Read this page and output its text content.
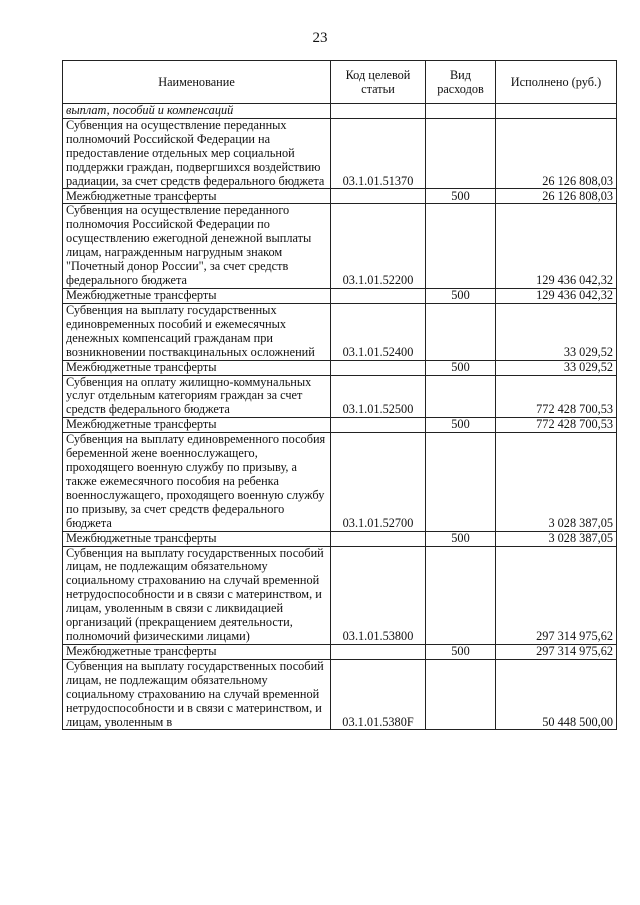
23
Наименование	Код целевой статьи	Вид расходов	Исполнено (руб.)
выплат, пособий и компенсаций			
Субвенция на осуществление переданных полномочий Российской Федерации на предоставление отдельных мер социальной поддержки граждан, подвергшихся воздействию радиации, за счет средств федерального бюджета	03.1.01.51370		26 126 808,03
Межбюджетные трансферты		500	26 126 808,03
Субвенция на осуществление переданного полномочия Российской Федерации по осуществлению ежегодной денежной выплаты лицам, награжденным нагрудным знаком "Почетный донор России", за счет средств федерального бюджета	03.1.01.52200		129 436 042,32
Межбюджетные трансферты		500	129 436 042,32
Субвенция на выплату государственных единовременных пособий и ежемесячных денежных компенсаций гражданам при возникновении поствакцинальных осложнений	03.1.01.52400		33 029,52
Межбюджетные трансферты		500	33 029,52
Субвенция на оплату жилищно-коммунальных услуг отдельным категориям граждан за счет средств федерального бюджета	03.1.01.52500		772 428 700,53
Межбюджетные трансферты		500	772 428 700,53
Субвенция на выплату единовременного пособия беременной жене военнослужащего, проходящего военную службу по призыву, а также ежемесячного пособия на ребенка военнослужащего, проходящего военную службу по призыву, за счет средств федерального бюджета	03.1.01.52700		3 028 387,05
Межбюджетные трансферты		500	3 028 387,05
Субвенция на выплату государственных пособий лицам, не подлежащим обязательному социальному страхованию на случай временной нетрудоспособности и в связи с материнством, и лицам, уволенным в связи с ликвидацией организаций (прекращением деятельности, полномочий физическими лицами)	03.1.01.53800		297 314 975,62
Межбюджетные трансферты		500	297 314 975,62
Субвенция на выплату государственных пособий лицам, не подлежащим обязательному социальному страхованию на случай временной нетрудоспособности и в связи с материнством, и лицам, уволенным в	03.1.01.5380F		50 448 500,00
